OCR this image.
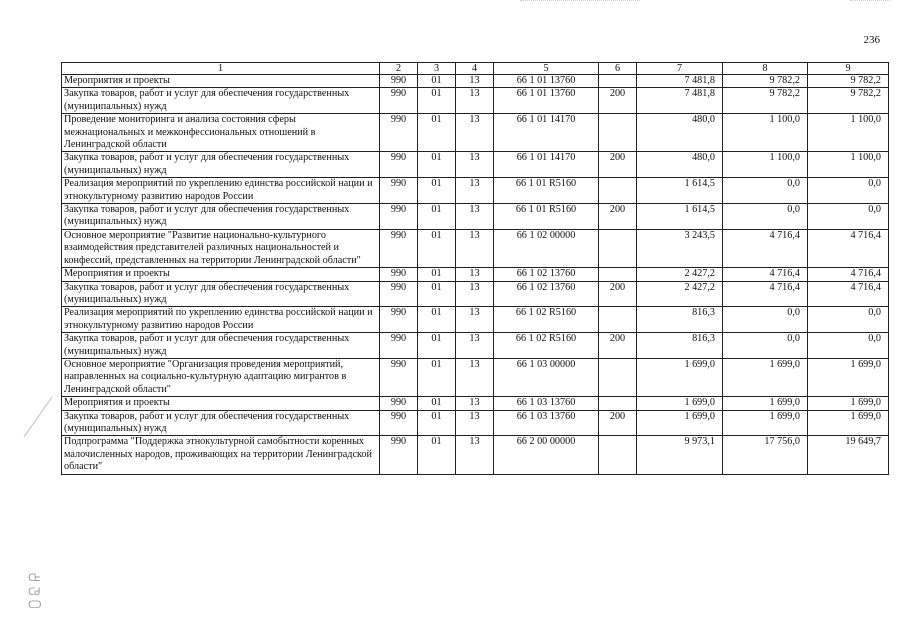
236
ᑕᖶ
ᑕᑯ
ᑕᑐ
1	2	3	4	5	6	7	8	9
Мероприятия и проекты	990	01	13	66 1 01 13760		7 481,8	9 782,2	9 782,2
Закупка товаров, работ и услуг для обеспечения государственных (муниципальных) нужд	990	01	13	66 1 01 13760	200	7 481,8	9 782,2	9 782,2
Проведение мониторинга и анализа состояния сферы межнациональных и межконфессиональных отношений в Ленинградской области	990	01	13	66 1 01 14170		480,0	1 100,0	1 100,0
Закупка товаров, работ и услуг для обеспечения государственных (муниципальных) нужд	990	01	13	66 1 01 14170	200	480,0	1 100,0	1 100,0
Реализация мероприятий по укреплению единства российской нации и этнокультурному развитию народов России	990	01	13	66 1 01 R5160		1 614,5	0,0	0,0
Закупка товаров, работ и услуг для обеспечения государственных (муниципальных) нужд	990	01	13	66 1 01 R5160	200	1 614,5	0,0	0,0
Основное мероприятие "Развитие национально-культурного взаимодействия представителей различных национальностей и конфессий, представленных на территории Ленинградской области"	990	01	13	66 1 02 00000		3 243,5	4 716,4	4 716,4
Мероприятия и проекты	990	01	13	66 1 02 13760		2 427,2	4 716,4	4 716,4
Закупка товаров, работ и услуг для обеспечения государственных (муниципальных) нужд	990	01	13	66 1 02 13760	200	2 427,2	4 716,4	4 716,4
Реализация мероприятий по укреплению единства российской нации и этнокультурному развитию народов России	990	01	13	66 1 02 R5160		816,3	0,0	0,0
Закупка товаров, работ и услуг для обеспечения государственных (муниципальных) нужд	990	01	13	66 1 02 R5160	200	816,3	0,0	0,0
Основное мероприятие "Организация проведения мероприятий, направленных на социально-культурную адаптацию мигрантов в Ленинградской области"	990	01	13	66 1 03 00000		1 699,0	1 699,0	1 699,0
Мероприятия и проекты	990	01	13	66 1 03 13760		1 699,0	1 699,0	1 699,0
Закупка товаров, работ и услуг для обеспечения государственных (муниципальных) нужд	990	01	13	66 1 03 13760	200	1 699,0	1 699,0	1 699,0
Подпрограмма "Поддержка этнокультурной самобытности коренных малочисленных народов, проживающих на территории Ленинградской области"	990	01	13	66 2 00 00000		9 973,1	17 756,0	19 649,7
